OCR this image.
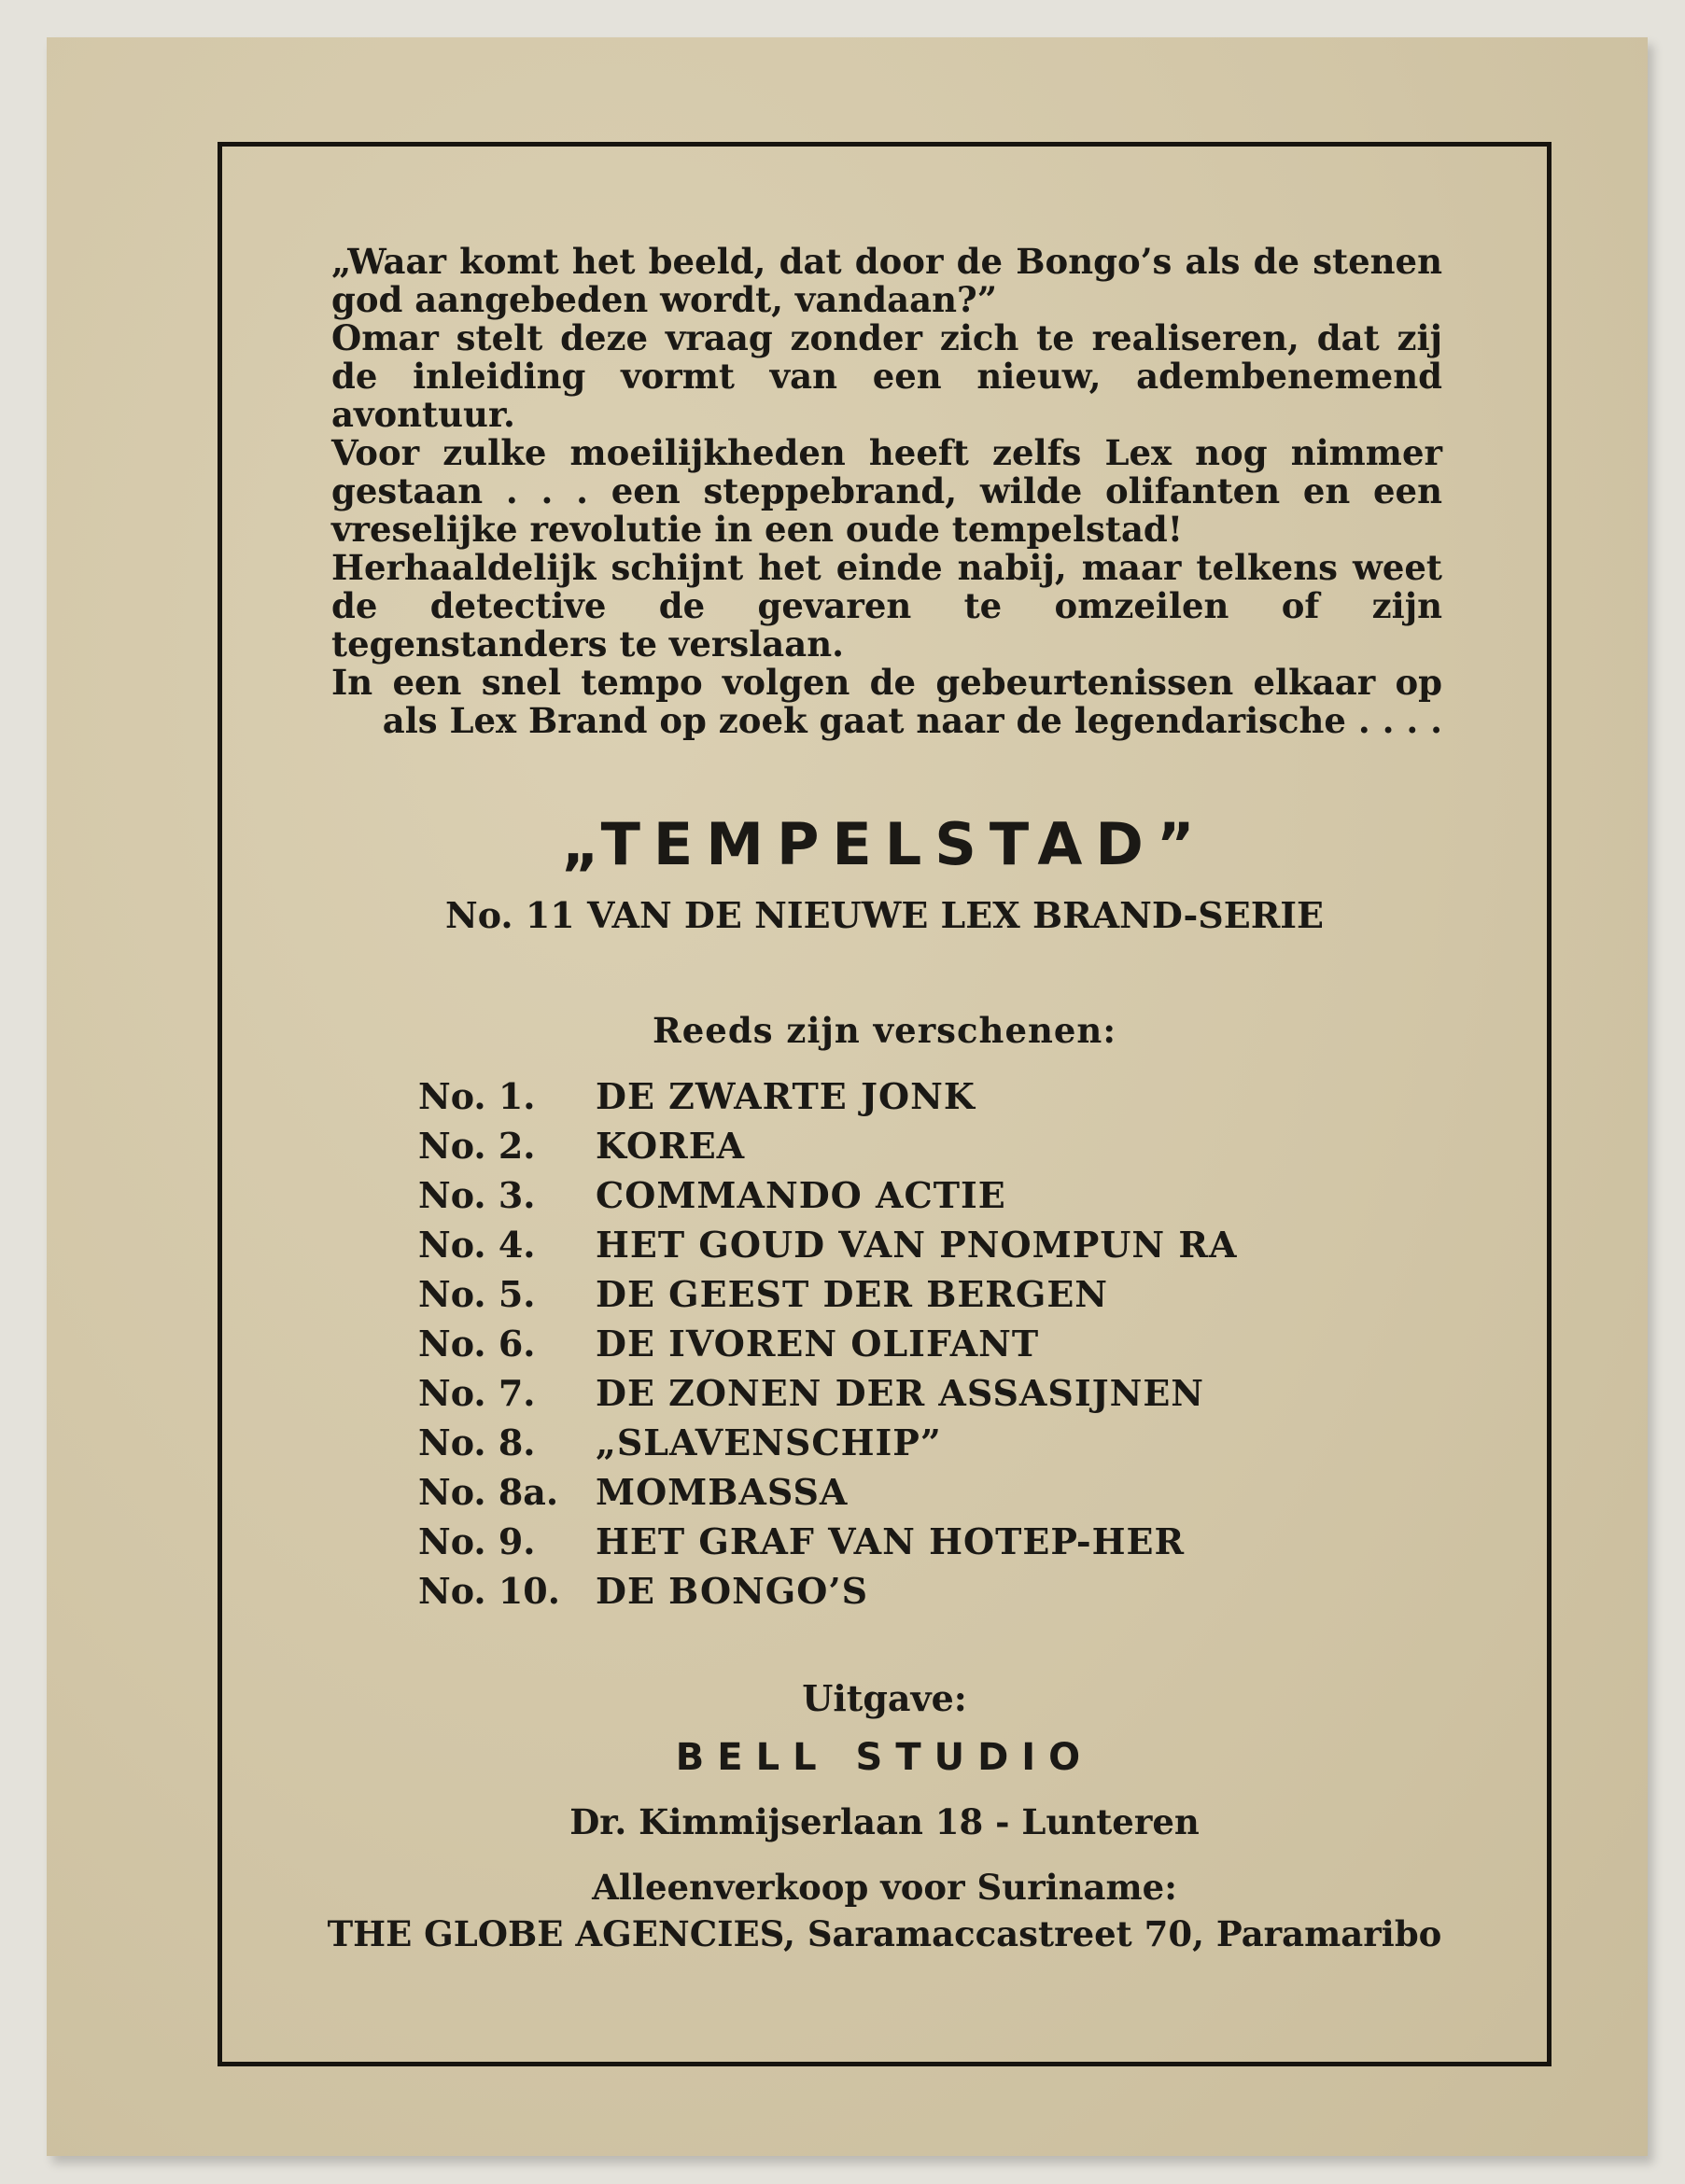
„Waar komt het beeld, dat door de Bongo’s als de stenen god aangebeden wordt, vandaan?”

Omar stelt deze vraag zonder zich te realiseren, dat zij de inleiding vormt van een nieuw, adembenemend avontuur.

Voor zulke moeilijkheden heeft zelfs Lex nog nimmer gestaan . . . een steppebrand, wilde olifanten en een vreselijke revolutie in een oude tempelstad!

Herhaaldelijk schijnt het einde nabij, maar telkens weet de detective de gevaren te omzeilen of zijn tegenstanders te verslaan.

In een snel tempo volgen de gebeurtenissen elkaar op als Lex Brand op zoek gaat naar de legendarische . . . .

„TEMPELSTAD”
No. 11 VAN DE NIEUWE LEX BRAND-SERIE
Reeds zijn verschenen:
No. 1. DE ZWARTE JONK
No. 2. KOREA
No. 3. COMMANDO ACTIE
No. 4. HET GOUD VAN PNOMPUN RA
No. 5. DE GEEST DER BERGEN
No. 6. DE IVOREN OLIFANT
No. 7. DE ZONEN DER ASSASIJNEN
No. 8. „SLAVENSCHIP”
No. 8a. MOMBASSA
No. 9. HET GRAF VAN HOTEP-HER
No. 10. DE BONGO’S
Uitgave:
BELL STUDIO
Dr. Kimmijserlaan 18 - Lunteren
Alleenverkoop voor Suriname:
THE GLOBE AGENCIES, Saramaccastreet 70, Paramaribo
